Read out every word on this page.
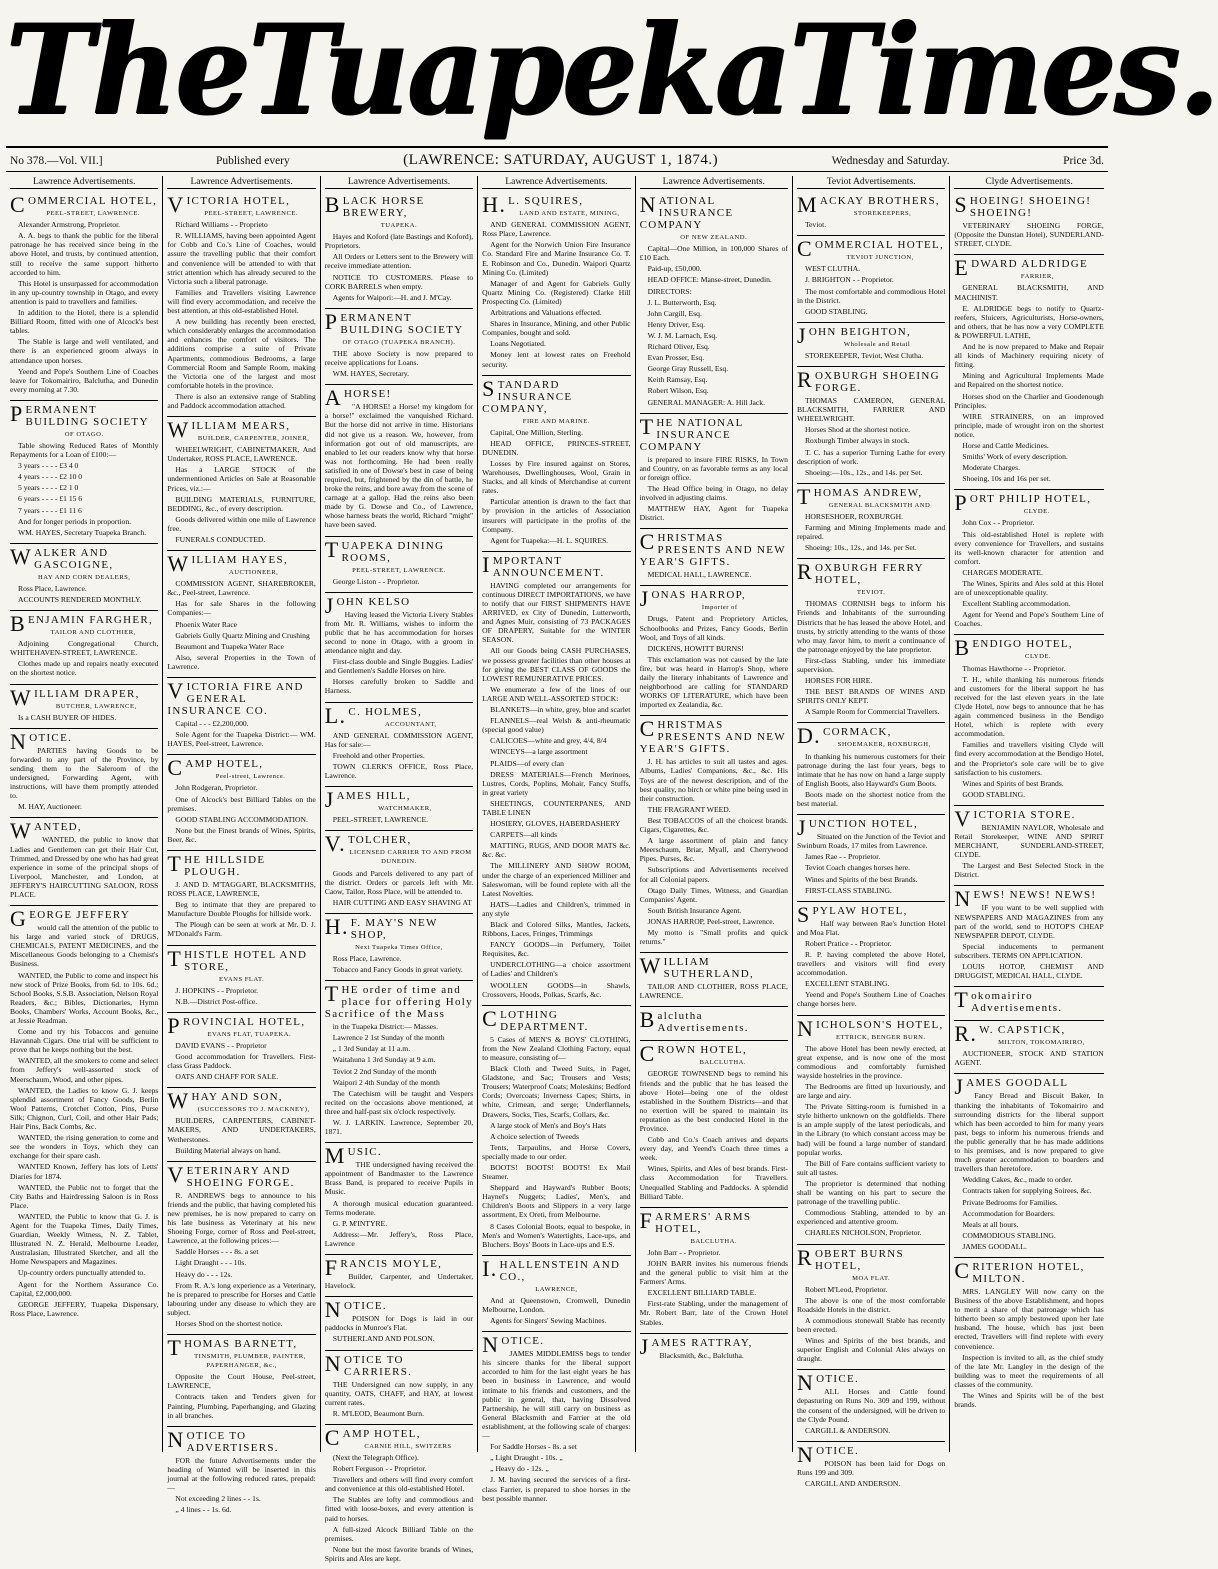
The Tuapeka Times.
No 378.—Vol. VII.]	Published every	(LAWRENCE: SATURDAY, AUGUST 1, 1874.)	Wednesday and Saturday.	Price 3d.
Lawrence Advertisements.
COMMERCIAL HOTEL,
PEEL-STREET, LAWRENCE.

Alexander Armstrong, Proprietor.

A. A. begs to thank the public for the liberal patronage he has received since being in the above Hotel, and trusts, by continued attention, still to receive the same support hitherto accorded to him.

This Hotel is unsurpassed for accommodation in any up-country township in Otago, and every attention is paid to travellers and families.

In addition to the Hotel, there is a splendid Billiard Room, fitted with one of Alcock's best tables.

The Stable is large and well ventilated, and there is an experienced groom always in attendance upon horses.

Yeend and Pope's Southern Line of Coaches leave for Tokomairiro, Balclutha, and Dunedin every morning at 7.30.

PERMANENT BUILDING SOCIETY
OF OTAGO.

Table showing Reduced Rates of Monthly Repayments for a Loan of £100:—

3 years - - - - £3 4 0

4 years - - - - £2 10 0

5 years - - - - £2 1 0

6 years - - - - £1 15 6

7 years - - - - £1 11 6

And for longer periods in proportion.

WM. HAYES, Secretary Tuapeka Branch.

WALKER AND GASCOIGNE,
HAY AND CORN DEALERS,

Ross Place, Lawrence.

ACCOUNTS RENDERED MONTHLY.

BENJAMIN FARGHER,
TAILOR AND CLOTHIER,

Adjoining Congregational Church, WHITEHAVEN-STREET, LAWRENCE.

Clothes made up and repairs neatly executed on the shortest notice.

WILLIAM DRAPER,
BUTCHER, LAWRENCE,

Is a CASH BUYER OF HIDES.

NOTICE.

PARTIES having Goods to be forwarded to any part of the Province, by sending them to the Saleroom of the undersigned, Forwarding Agent, with instructions, will have them promptly attended to.

M. HAY, Auctioneer.

WANTED,

WANTED, the public to know that Ladies and Gentlemen can get their Hair Cut, Trimmed, and Dressed by one who has had great experience in some of the principal shops of Liverpool, Manchester, and London, at JEFFERY'S HAIRCUTTING SALOON, ROSS PLACE.

GEORGE JEFFERY

would call the attention of the public to his large and varied stock of DRUGS, CHEMICALS, PATENT MEDICINES, and the Miscellaneous Goods belonging to a Chemist's Business.

WANTED, the Public to come and inspect his new stock of Prize Books, from 6d. to 10s. 6d.; School Books, S.S.B. Association, Nelson Royal Readers, &c.; Bibles, Dictionaries, Hymn Books, Chambers' Works, Account Books, &c., at Jessie Readman.

Come and try his Tobaccos and genuine Havannah Cigars. One trial will be sufficient to prove that he keeps nothing but the best.

WANTED, all the smokers to come and select from Jeffery's well-assorted stock of Meerschaum, Wood, and other pipes.

WANTED, the Ladies to know G. J. keeps splendid assortment of Fancy Goods, Berlin Wool Patterns, Crotchet Cotton, Pins, Purse Silk; Chignon, Curl, Coil, and other Hair Pads; Hair Pins, Back Combs, &c.

WANTED, the rising generation to come and see the wonders in Toys, which they can exchange for their spare cash.

WANTED Known, Jeffery has lots of Letts' Diaries for 1874.

WANTED, the Public not to forget that the City Baths and Hairdressing Saloon is in Ross Place.

WANTED, the Public to know that G. J. is Agent for the Tuapeka Times, Daily Times, Guardian, Weekly Witness, N. Z. Tablet, Illustrated N. Z. Herald, Melbourne Leader, Australasian, Illustrated Sketcher, and all the Home Newspapers and Magazines.

Up-country orders punctually attended to.

Agent for the Northern Assurance Co. Capital, £2,000,000.

GEORGE JEFFERY, Tuapeka Dispensary, Ross Place, Lawrence.

Lawrence Advertisements.
VICTORIA HOTEL,
PEEL-STREET, LAWRENCE.

Richard Williams - - Proprieto

R. WILLIAMS, having been appointed Agent for Cobb and Co.'s Line of Coaches, would assure the travelling public that their comfort and convenience will be attended to with that strict attention which has already secured to the Victoria such a liberal patronage.

Families and Travellers visiting Lawrence will find every accommodation, and receive the best attention, at this old-established Hotel.

A new building has recently been erected, which considerably enlarges the accommodation and enhances the comfort of visitors. The additions comprise a suite of Private Apartments, commodious Bedrooms, a large Commercial Room and Sample Room, making the Victoria one of the largest and most comfortable hotels in the province.

There is also an extensive range of Stabling and Paddock accommodation attached.

WILLIAM MEARS,
BUILDER, CARPENTER, JOINER,

WHEELWRIGHT, CABINETMAKER, And Undertaker, ROSS PLACE, LAWRENCE.

Has a LARGE STOCK of the undermentioned Articles on Sale at Reasonable Prices, viz.:—

BUILDING MATERIALS, FURNITURE, BEDDING, &c., of every description.

Goods delivered within one mile of Lawrence free.

FUNERALS CONDUCTED.

WILLIAM HAYES,
AUCTIONEER,

COMMISSION AGENT, SHAREBROKER, &c., Peel-street, Lawrence.

Has for sale Shares in the following Companies:—

Phoenix Water Race

Gabriels Gully Quartz Mining and Crushing

Beaumont and Tuapeka Water Race

Also, several Properties in the Town of Lawrence.

VICTORIA FIRE AND GENERAL INSURANCE CO.

Capital - - - £2,200,000.

Sole Agent for the Tuapeka District:— WM. HAYES, Peel-street, Lawrence.

CAMP HOTEL,
Peel-street, Lawrence.

John Rodgeran, Proprietor.

One of Alcock's best Billiard Tables on the premises.

GOOD STABLING ACCOMMODATION.

None but the Finest brands of Wines, Spirits, Beer, &c.

THE HILLSIDE PLOUGH.

J. AND D. M'TAGGART, BLACKSMITHS, ROSS PLACE, LAWRENCE,

Beg to intimate that they are prepared to Manufacture Double Ploughs for hillside work.

The Plough can be seen at work at Mr. D. J. M'Donald's Farm.

THISTLE HOTEL AND STORE,
EVANS FLAT.

J. HOPKINS - - Proprietor.

N.B.—District Post-office.

PROVINCIAL HOTEL,
EVANS FLAT, TUAPEKA.

DAVID EVANS - - Proprietor

Good accommodation for Travellers. First-class Grass Paddock.

OATS AND CHAFF FOR SALE.

WHAY AND SON,
(SUCCESSORS TO J. MACKNEY),

BUILDERS, CARPENTERS, CABINET-MAKERS, AND UNDERTAKERS, Wetherstones.

Building Material always on hand.

VETERINARY AND SHOEING FORGE.

R. ANDREWS begs to announce to his friends and the public, that having completed his new premises, he is now prepared to carry on his late business as Veterinary at his new Shoeing Forge, corner of Ross and Peel-street, Lawrence, at the following prices:—

Saddle Horses - - - 8s. a set

Light Draught - - - 10s.

Heavy do - - - 12s.

From R. A.'s long experience as a Veterinary, he is prepared to prescribe for Horses and Cattle labouring under any disease to which they are subject.

Horses Shod on the shortest notice.

THOMAS BARNETT,
TINSMITH, PLUMBER, PAINTER, PAPERHANGER, &c.,

Opposite the Court House, Peel-street, LAWRENCE,

Contracts taken and Tenders given for Painting, Plumbing, Paperhanging, and Glazing in all branches.

NOTICE TO ADVERTISERS.

FOR the future Advertisements under the heading of Wanted will be inserted in this journal at the following reduced rates, prepaid:—

Not exceeding 2 lines - - 1s.

„ 4 lines - - 1s. 6d.

Lawrence Advertisements.
BLACK HORSE BREWERY,
TUAPEKA.

Hayes and Koford (late Bastings and Koford), Proprietors.

All Orders or Letters sent to the Brewery will receive immediate attention.

NOTICE TO CUSTOMERS. Please to CORK BARRELS when empty.

Agents for Waipori:—H. and J. M'Cay.

PERMANENT BUILDING SOCIETY
OF OTAGO (TUAPEKA BRANCH).

THE above Society is now prepared to receive applications for Loans.

WM. HAYES, Secretary.

AHORSE!

"A HORSE! a Horse! my kingdom for a horse!" exclaimed the vanquished Richard. But the horse did not arrive in time. Historians did not give us a reason. We, however, from information got out of old manuscripts, are enabled to let our readers know why that horse was not forthcoming. He had been really satisfied in one of Dowse's best in case of being required, but, frightened by the din of battle, he broke the reins, and bore away from the scene of carnage at a gallop. Had the reins also been made by G. Dowse and Co., of Lawrence, whose harness beats the world, Richard "might" have been saved.

TUAPEKA DINING ROOMS,
PEEL-STREET, LAWRENCE.

George Liston - - Proprietor.

JOHN KELSO

Having leased the Victoria Livery Stables from Mr. R. Williams, wishes to inform the public that he has accommodation for horses second to none in Otago, with a groom in attendance night and day.

First-class double and Single Buggies. Ladies' and Gentlemen's Saddle Horses on hire.

Horses carefully broken to Saddle and Harness.

L.C. HOLMES,
ACCOUNTANT,

AND GENERAL COMMISSION AGENT, Has for sale:—

Freehold and other Properties.

TOWN CLERK'S OFFICE, Ross Place, Lawrence.

JAMES HILL,
WATCHMAKER,

PEEL-STREET, LAWRENCE.

V.TOLCHER,
LICENSED CARRIER TO AND FROM DUNEDIN.

Goods and Parcels delivered to any part of the district. Orders or parcels left with Mr. Caow, Tailor, Ross Place, will be attended to.

HAIR CUTTING AND EASY SHAVING AT

H.F. MAY'S NEW SHOP,
Next Tuapeka Times Office,

Ross Place, Lawrence.

Tobacco and Fancy Goods in great variety.

THE order of time and place for offering Holy Sacrifice of the Mass

in the Tuapeka District:— Masses.

Lawrence 2 1st Sunday of the month

„ 1 3rd Sunday at 11 a.m.

Waitahuna 1 3rd Sunday at 9 a.m.

Teviot 2 2nd Sunday of the month

Waipori 2 4th Sunday of the month

The Catechism will be taught and Vespers recited on the occasions above mentioned, at three and half-past six o'clock respectively.

W. J. LARKIN. Lawrence, September 20, 1871.

MUSIC.

THE undersigned having received the appointment of Bandmaster to the Lawrence Brass Band, is prepared to receive Pupils in Music.

A thorough musical education guaranteed. Terms moderate.

G. P. M'INTYRE.

Address:—Mr. Jeffery's, Ross Place, Lawrence

FRANCIS MOYLE,

Builder, Carpenter, and Undertaker, Havelock.

NOTICE.

POISON for Dogs is laid in our paddocks in Munroe's Flat.

SUTHERLAND AND POLSON.

NOTICE TO CARRIERS.

THE Undersigned can now supply, in any quantity, OATS, CHAFF, and HAY, at lowest current rates.

R. M'LEOD, Beaumont Burn.

CAMP HOTEL,
CARNIE HILL, SWITZERS

(Next the Telegraph Office).

Robert Ferguson - - Proprietor.

Travellers and others will find every comfort and convenience at this old-established Hotel.

The Stables are lofty and commodious and fitted with loose-boxes, and every attention is paid to horses.

A full-sized Alcock Billiard Table on the premises.

None but the most favorite brands of Wines, Spirits and Ales are kept.

Lawrence Advertisements.
H.L. SQUIRES,
LAND AND ESTATE, MINING,

AND GENERAL COMMISSION AGENT, Ross Place, Lawrence.

Agent for the Norwich Union Fire Insurance Co. Standard Fire and Marine Insurance Co. T. E. Robinson and Co., Dunedin. Waipori Quartz Mining Co. (Limited)

Manager of and Agent for Gabriels Gully Quartz Mining Co. (Registered) Clarke Hill Prospecting Co. (Limited)

Arbitrations and Valuations effected.

Shares in Insurance, Mining, and other Public Companies, bought and sold.

Loans Negotiated.

Money lent at lowest rates on Freehold security.

STANDARD INSURANCE COMPANY,
FIRE AND MARINE.

Capital, One Million, Sterling.

HEAD OFFICE, PRINCES-STREET, DUNEDIN.

Losses by Fire insured against on Stores, Warehouses, Dwellinghouses, Wool, Grain in Stacks, and all kinds of Merchandise at current rates.

Particular attention is drawn to the fact that by provision in the articles of Association insurers will participate in the profits of the Company.

Agent for Tuapeka:—H. L. SQUIRES.

IMPORTANT ANNOUNCEMENT.

HAVING completed our arrangements for continuous DIRECT IMPORTATIONS, we have to notify that our FIRST SHIPMENTS HAVE ARRIVED, ex City of Dunedin, Lutterworth, and Agnes Muir, consisting of 73 PACKAGES OF DRAPERY, Suitable for the WINTER SEASON.

All our Goods being CASH PURCHASES, we possess greater facilities than other houses at for giving the BEST CLASS OF GOODS the LOWEST REMUNERATIVE PRICES.

We enumerate a few of the lines of our LARGE AND WELL-ASSORTED STOCK:

BLANKETS—in white, grey, blue and scarlet

FLANNELS—real Welsh & anti-rheumatic (special good value)

CALICOES—white and grey, 4/4, 8/4

WINCEYS—a large assortment

PLAIDS—of every clan

DRESS MATERIALS—French Merinoes, Lustres, Cords, Poplins, Mohair, Fancy Stuffs, in great variety

SHEETINGS, COUNTERPANES, AND TABLE LINEN

HOSIERY, GLOVES, HABERDASHERY

CARPETS—all kinds

MATTING, RUGS, AND DOOR MATS &c. &c. &c.

The MILLINERY AND SHOW ROOM, under the charge of an experienced Milliner and Saleswoman, will be found replete with all the Latest Novelties.

HATS—Ladies and Children's, trimmed in any style

Black and Colored Silks, Mantles, Jackets, Ribbons, Laces, Fringes, Trimmings

FANCY GOODS—in Perfumery, Toilet Requisites, &c.

UNDERCLOTHING—a choice assortment of Ladies' and Children's

WOOLLEN GOODS—in Shawls, Crossovers, Hoods, Polkas, Scarfs, &c.

CLOTHING DEPARTMENT.

5 Cases of MEN'S & BOYS' CLOTHING, from the New Zealand Clothing Factory, equal to measure, consisting of—

Black Cloth and Tweed Suits, in Paget, Gladstone, and Sac; Trousers and Vests; Trousers; Waterproof Coats; Moleskins; Bedford Cords; Overcoats; Inverness Capes; Shirts, in white, Crimean, and serge; Underflannels, Drawers, Socks, Ties, Scarfs, Collars, &c.

A large stock of Men's and Boy's Hats

A choice selection of Tweeds

Tents, Tarpaulins, and Horse Covers, specially made to our order.

BOOTS! BOOTS! BOOTS! Ex Mail Steamer.

Sheppard and Hayward's Rubber Boots; Haynel's Nuggets; Ladies', Men's, and Children's Boots and Slippers in a very large assortment, Ex Oreti, from Melbourne.

8 Cases Colonial Boots, equal to bespoke, in Men's and Women's Watertights, Lace-ups, and Bluchers. Boys' Boots in Lace-ups and E.S.

I.HALLENSTEIN AND CO.,
LAWRENCE,

And at Queenstown, Cromwell, Dunedin Melbourne, London.

Agents for Singers' Sewing Machines.

NOTICE.

JAMES MIDDLEMISS begs to tender his sincere thanks for the liberal support accorded to him for the last eight years he has been in business in Lawrence, and would intimate to his friends and customers, and the public in general, that, having Dissolved Partnership, he will still carry on business as General Blacksmith and Farrier at the old establishment, at the following scale of charges:—

For Saddle Horses - 8s. a set

„ Light Draught - 10s. „

„ Heavy do - 12s. „

J. M. having secured the services of a first-class Farrier, is prepared to shoe horses in the best possible manner.

Lawrence Advertisements.
NATIONAL INSURANCE COMPANY
OF NEW ZEALAND.

Capital—One Million, in 100,000 Shares of £10 Each.

Paid-up, £50,000.

HEAD OFFICE: Manse-street, Dunedin.

DIRECTORS:

J. L. Butterworth, Esq.

John Cargill, Esq.

Henry Driver, Esq.

W. J. M. Larnach, Esq.

Richard Oliver, Esq.

Evan Prosser, Esq.

George Gray Russell, Esq.

Keith Ramsay, Esq.

Robert Wilson, Esq.

GENERAL MANAGER: A. Hill Jack.

THE NATIONAL INSURANCE COMPANY

is prepared to insure FIRE RISKS, In Town and Country, on as favorable terms as any local or foreign office.

The Head Office being in Otago, no delay involved in adjusting claims.

MATTHEW HAY, Agent for Tuapeka District.

CHRISTMAS PRESENTS AND NEW YEAR'S GIFTS.

MEDICAL HALL, LAWRENCE.

JONAS HARROP,
Importer of

Drugs, Patent and Proprietory Articles, Schoolbooks and Prizes, Fancy Goods, Berlin Wool, and Toys of all kinds.

DICKENS, HOWITT BURNS!

This exclamation was not caused by the late fire, but was heard in Harrop's Shop, where daily the literary inhabitants of Lawrence and neighborhood are calling for STANDARD WORKS OF LITERATURE, which have been imported ex Zealandia, &c.

CHRISTMAS PRESENTS AND NEW YEAR'S GIFTS.

J. H. has articles to suit all tastes and ages. Albums, Ladies' Companions, &c., &c. His Toys are of the newest description, and of the best quality, no birch or white pine being used in their construction.

THE FRAGRANT WEED.

Best TOBACCOS of all the choicest brands. Cigars, Cigarettes, &c.

A large assortment of plain and fancy Meerschaum, Briar, Myall, and Cherrywood Pipes. Purses, &c.

Subscriptions and Advertisements received for all Colonial papers.

Otago Daily Times, Witness, and Guardian Companies' Agent.

South British Insurance Agent.

JONAS HARROP, Peel-street, Lawrence.

My motto is "Small profits and quick returns."

WILLIAM SUTHERLAND,

TAILOR AND CLOTHIER, ROSS PLACE, LAWRENCE.

Balclutha Advertisements.
CROWN HOTEL,
BALCLUTHA.

GEORGE TOWNSEND begs to remind his friends and the public that he has leased the above Hotel—being one of the oldest established in the Southern Districts—and that no exertion will be spared to maintain its reputation as the best conducted Hotel in the Province.

Cobb and Co.'s Coach arrives and departs every day, and Yeend's Coach three times a week.

Wines, Spirits, and Ales of best brands. First-class Accommodation for Travellers. Unequalled Stabling and Paddocks. A splendid Billiard Table.

FARMERS' ARMS HOTEL,
BALCLUTHA.

John Barr - - Proprietor.

JOHN BARR invites his numerous friends and the general public to visit him at the Farmers' Arms.

EXCELLENT BILLIARD TABLE.

First-rate Stabling, under the management of Mr. Robert Barr, late of the Crown Hotel Stables.

JAMES RATTRAY,

Blacksmith, &c., Balclutha.

Teviot Advertisements.
MACKAY BROTHERS,
STOREKEEPERS,

Teviot.

COMMERCIAL HOTEL,
TEVIOT JUNCTION,

WEST CLUTHA.

J. BRIGHTON - - Proprietor.

The most comfortable and commodious Hotel in the District.

GOOD STABLING.

JOHN BEIGHTON,
Wholesale and Retail

STOREKEEPER, Teviot, West Clutha.

ROXBURGH SHOEING FORGE.

THOMAS CAMERON, GENERAL BLACKSMITH, FARRIER AND WHEELWRIGHT.

Horses Shod at the shortest notice.

Roxburgh Timber always in stock.

T. C. has a superior Turning Lathe for every description of work.

Shoeing:—10s., 12s., and 14s. per Set.

THOMAS ANDREW,
GENERAL BLACKSMITH AND

HORSESHOER, ROXBURGH.

Farming and Mining Implements made and repaired.

Shoeing: 10s., 12s., and 14s. per Set.

ROXBURGH FERRY HOTEL,
TEVIOT.

THOMAS CORNISH begs to inform his Friends and Inhabitants of the surrounding Districts that he has leased the above Hotel, and trusts, by strictly attending to the wants of those who may favor him, to merit a continuance of the patronage enjoyed by the late proprietor.

First-class Stabling, under his immediate supervision.

HORSES FOR HIRE.

THE BEST BRANDS OF WINES AND SPIRITS ONLY KEPT.

A Sample Room for Commercial Travellers.

D.CORMACK,
SHOEMAKER, ROXBURGH,

In thanking his numerous customers for their patronage during the last four years, begs to intimate that he has now on hand a large supply of English Boots, also Hayward's Gum Boots.

Boots made on the shortest notice from the best material.

JUNCTION HOTEL,

Situated on the Junction of the Teviot and Swinburn Roads, 17 miles from Lawrence.

James Rae - - Proprietor.

Teviot Coach changes horses here.

Wines and Spirits of the best Brands.

FIRST-CLASS STABLING.

SPYLAW HOTEL,

Half way between Rae's Junction Hotel and Moa Flat.

Robert Pratice - - Proprietor.

R. P. having completed the above Hotel, travellers and visitors will find every accommodation.

EXCELLENT STABLING.

Yeend and Pope's Southern Line of Coaches change horses here.

NICHOLSON'S HOTEL,
ETTRICK, BENGER BURN.

The above Hotel has been newly erected, at great expense, and is now one of the most commodious and comfortably furnished wayside hostelries in the province.

The Bedrooms are fitted up luxuriously, and are large and airy.

The Private Sitting-room is furnished in a style hitherto unknown on the goldfields. There is an ample supply of the latest periodicals, and in the Library (to which constant access may be had) will be found a large number of standard popular works.

The Bill of Fare contains sufficient variety to suit all tastes.

The proprietor is determined that nothing shall be wanting on his part to secure the patronage of the travelling public.

Commodious Stabling, attended to by an experienced and attentive groom.

CHARLES NICHOLSON, Proprietor.

ROBERT BURNS HOTEL,
MOA FLAT.

Robert M'Leod, Proprietor.

The above is one of the most comfortable Roadside Hotels in the district.

A commodious stonewall Stable has recently been erected.

Wines and Spirits of the best brands, and superior English and Colonial Ales always on draught.

NOTICE.

ALL Horses and Cattle found depasturing on Runs No. 309 and 199, without the consent of the undersigned, will be driven to the Clyde Pound.

CARGILL & ANDERSON.

NOTICE.

POISON has been laid for Dogs on Runs 199 and 309.

CARGILL AND ANDERSON.

Clyde Advertisements.
SHOEING! SHOEING! SHOEING!

VETERINARY SHOEING FORGE, (Opposite the Dunstan Hotel), SUNDERLAND-STREET, CLYDE.

EDWARD ALDRIDGE
FARRIER,

GENERAL BLACKSMITH, AND MACHINIST.

E. ALDRIDGE begs to notify to Quartz-reefers, Sluicers, Agriculturists, Horse-owners, and others, that he has now a very COMPLETE & POWERFUL LATHE,

And he is now prepared to Make and Repair all kinds of Machinery requiring nicety of fitting.

Mining and Agricultural Implements Made and Repaired on the shortest notice.

Horses shod on the Charlier and Goodenough Principles.

WIRE STRAINERS, on an improved principle, made of wrought iron on the shortest notice.

Horse and Cattle Medicines.

Smiths' Work of every description.

Moderate Charges.

Shoeing, 10s and 16s per set.

PORT PHILIP HOTEL,
CLYDE.

John Cox - - Proprietor.

This old-established Hotel is replete with every convenience for Travellers, and sustains its well-known character for attention and comfort.

CHARGES MODERATE.

The Wines, Spirits and Ales sold at this Hotel are of unexceptionable quality.

Excellent Stabling accommodation.

Agent for Yeend and Pope's Southern Line of Coaches.

BENDIGO HOTEL,
CLYDE.

Thomas Hawthorne - - Proprietor.

T. H., while thanking his numerous friends and customers for the liberal support he has received for the last eleven years in the late Clyde Hotel, now begs to announce that he has again commenced business in the Bendigo Hotel, which is replete with every accommodation.

Families and travellers visiting Clyde will find every accommodation at the Bendigo Hotel, and the Proprietor's sole care will be to give satisfaction to his customers.

Wines and Spirits of best Brands.

GOOD STABLING.

VICTORIA STORE.

BENJAMIN NAYLOR, Wholesale and Retail Storekeeper, WINE AND SPIRIT MERCHANT, SUNDERLAND-STREET, CLYDE.

The Largest and Best Selected Stock in the District.

NEWS! NEWS! NEWS!

IF you want to be well supplied with NEWSPAPERS AND MAGAZINES from any part of the world, send to HOTOP'S CHEAP NEWSPAPER DEPOT, CLYDE.

Special inducements to permanent subscribers. TERMS ON APPLICATION.

LOUIS HOTOP, CHEMIST AND DRUGGIST, MEDICAL HALL, CLYDE.

Tokomairiro Advertisements.
R.W. CAPSTICK,
MILTON, TOKOMAIRIRO,

AUCTIONEER, STOCK AND STATION AGENT.

JAMES GOODALL

Fancy Bread and Biscuit Baker, In thanking the inhabitants of Tokomairiro and surrounding districts for the liberal support which has been accorded to him for many years past, begs to inform his numerous friends and the public generally that he has made additions to his premises, and is now prepared to give much greater accommodation to boarders and travellers than heretofore.

Wedding Cakes, &c., made to order.

Contracts taken for supplying Soirees, &c.

Private Bedrooms for Families.

Accommodation for Boarders.

Meals at all hours.

COMMODIOUS STABLING.

JAMES GOODALL.

CRITERION HOTEL, MILTON.

MRS. LANGLEY Will now carry on the Business of the above Establishment, and hopes to merit a share of that patronage which has hitherto been so amply bestowed upon her late husband. The house, which has just been erected, Travellers will find replete with every convenience.

Inspection is invited to all, as the chief study of the late Mr. Langley in the design of the building was to meet the requirements of all classes of the community.

The Wines and Spirits will be of the best brands.
